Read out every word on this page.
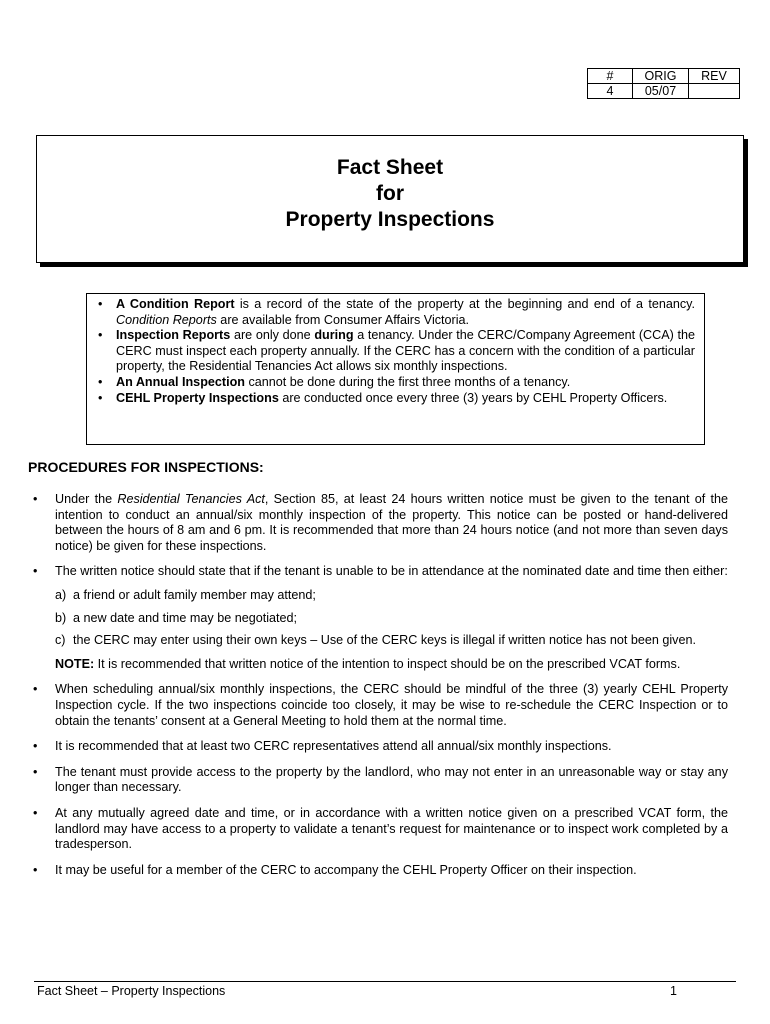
#	ORIG	REV
4	05/07	
Fact Sheet
for
Property Inspections
• A Condition Report is a record of the state of the property at the beginning and end of a tenancy. Condition Reports are available from Consumer Affairs Victoria.
• Inspection Reports are only done during a tenancy. Under the CERC/Company Agreement (CCA) the CERC must inspect each property annually. If the CERC has a concern with the condition of a particular property, the Residential Tenancies Act allows six monthly inspections.
• An Annual Inspection cannot be done during the first three months of a tenancy.
• CEHL Property Inspections are conducted once every three (3) years by CEHL Property Officers.
PROCEDURES FOR INSPECTIONS:
• Under the Residential Tenancies Act, Section 85, at least 24 hours written notice must be given to the tenant of the intention to conduct an annual/six monthly inspection of the property. This notice can be posted or hand-delivered between the hours of 8 am and 6 pm. It is recommended that more than 24 hours notice (and not more than seven days notice) be given for these inspections.
• The written notice should state that if the tenant is unable to be in attendance at the nominated date and time then either:
a) a friend or adult family member may attend;
b) a new date and time may be negotiated;
c) the CERC may enter using their own keys – Use of the CERC keys is illegal if written notice has not been given.
NOTE: It is recommended that written notice of the intention to inspect should be on the prescribed VCAT forms.
• When scheduling annual/six monthly inspections, the CERC should be mindful of the three (3) yearly CEHL Property Inspection cycle. If the two inspections coincide too closely, it may be wise to re-schedule the CERC Inspection or to obtain the tenants’ consent at a General Meeting to hold them at the normal time.
• It is recommended that at least two CERC representatives attend all annual/six monthly inspections.
• The tenant must provide access to the property by the landlord, who may not enter in an unreasonable way or stay any longer than necessary.
• At any mutually agreed date and time, or in accordance with a written notice given on a prescribed VCAT form, the landlord may have access to a property to validate a tenant’s request for maintenance or to inspect work completed by a tradesperson.
• It may be useful for a member of the CERC to accompany the CEHL Property Officer on their inspection.
Fact Sheet – Property Inspections	1
